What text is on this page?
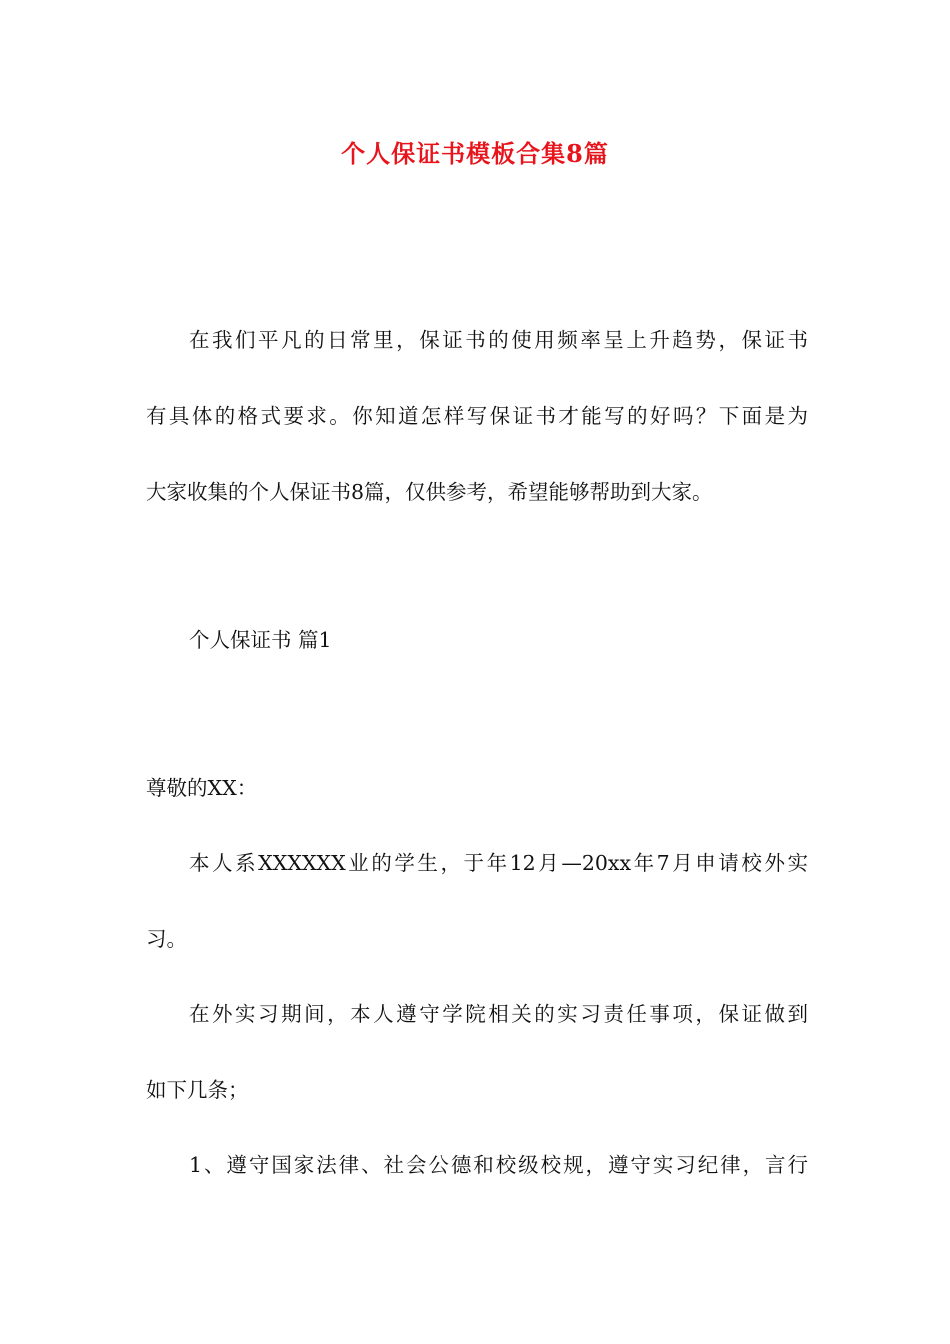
个人保证书模板合集8篇
在我们平凡的日常里，保证书的使用频率呈上升趋势，保证书
有具体的格式要求。你知道怎样写保证书才能写的好吗？下面是为
大家收集的个人保证书8篇，仅供参考，希望能够帮助到大家。
个人保证书 篇1
尊敬的XX：
本人系XXXXXX业的学生，于年12月—20xx年7月申请校外实
习。
在外实习期间，本人遵守学院相关的实习责任事项，保证做到
如下几条；
1、遵守国家法律、社会公德和校级校规，遵守实习纪律，言行
